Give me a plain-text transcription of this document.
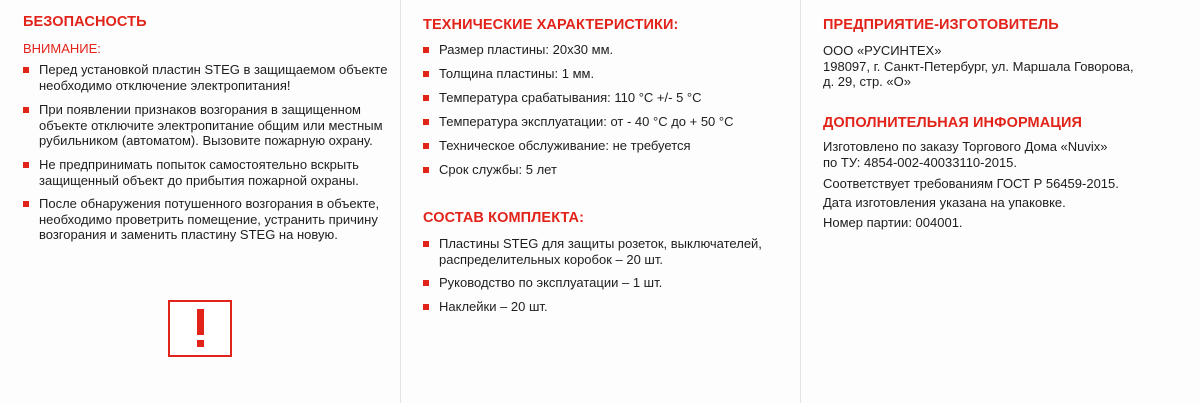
БЕЗОПАСНОСТЬ
ВНИМАНИЕ:
Перед установкой пластин STEG в защищаемом объекте
необходимо отключение электропитания!
При появлении признаков возгорания в защищенном
объекте отключите электропитание общим или местным
рубильником (автоматом). Вызовите пожарную охрану.
Не предпринимать попыток самостоятельно вскрыть
защищенный объект до прибытия пожарной охраны.
После обнаружения потушенного возгорания в объекте,
необходимо проветрить помещение, устранить причину
возгорания и заменить пластину STEG на новую.
ТЕХНИЧЕСКИЕ ХАРАКТЕРИСТИКИ:
Размер пластины: 20х30 мм.
Толщина пластины: 1 мм.
Температура срабатывания: 110 °С +/- 5 °С
Температура эксплуатации: от - 40 °С до + 50 °С
Техническое обслуживание: не требуется
Срок службы: 5 лет
СОСТАВ КОМПЛЕКТА:
Пластины STEG для защиты розеток, выключателей,
распределительных коробок – 20 шт.
Руководство по эксплуатации – 1 шт.
Наклейки – 20 шт.
ПРЕДПРИЯТИЕ-ИЗГОТОВИТЕЛЬ
ООО «РУСИНТЕХ»
198097, г. Санкт-Петербург, ул. Маршала Говорова,
д. 29, стр. «О»
ДОПОЛНИТЕЛЬНАЯ ИНФОРМАЦИЯ
Изготовлено по заказу Торгового Дома «Nuvix»
по ТУ: 4854-002-40033110-2015.
Соответствует требованиям ГОСТ Р 56459-2015.
Дата изготовления указана на упаковке.
Номер партии: 004001.
